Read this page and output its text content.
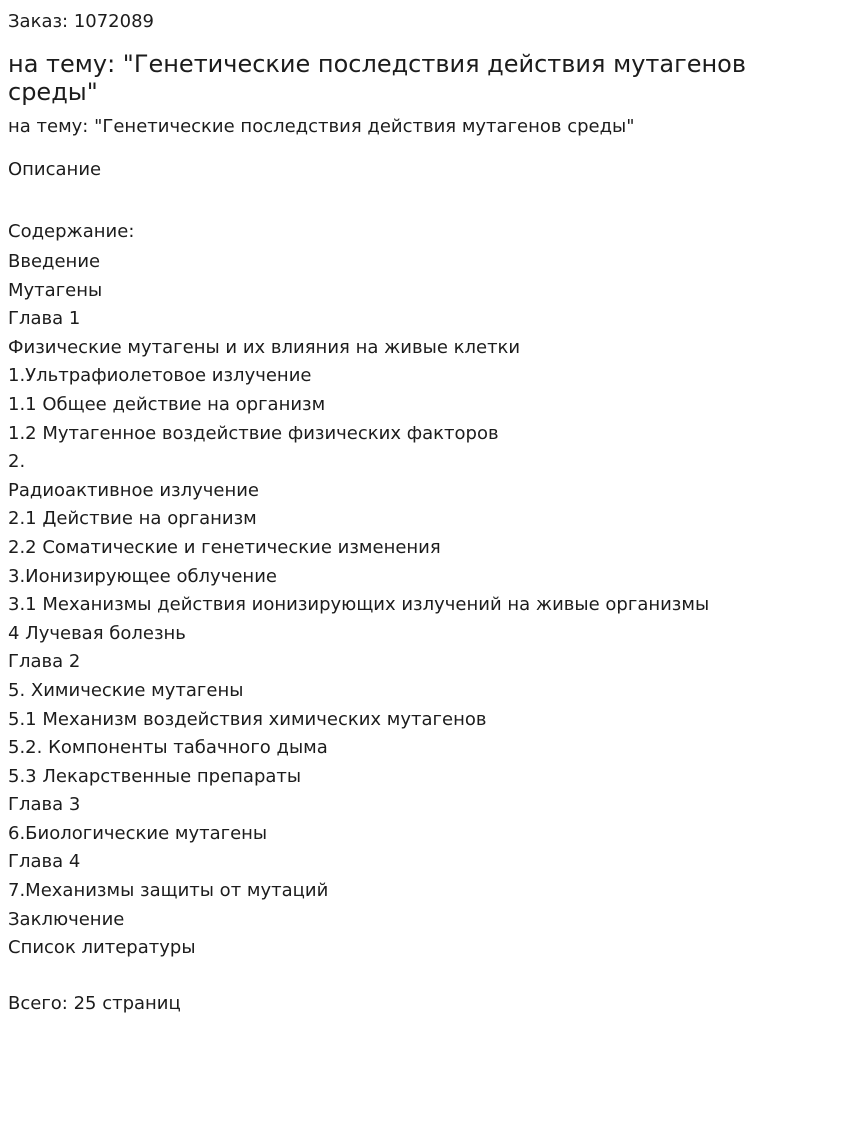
Заказ: 1072089

на тему: "Генетические последствия действия мутагенов среды"

на тему: "Генетические последствия действия мутагенов среды"

Описание

Содержание:

Введение
Мутагены
Глава 1
Физические мутагены и их влияния на живые клетки
1.Ультрафиолетовое излучение
1.1 Общее действие на организм
1.2 Мутагенное воздействие физических факторов
2.
Радиоактивное излучение
2.1 Действие на организм
2.2 Соматические и генетические изменения
3.Ионизирующее облучение
3.1 Механизмы действия ионизирующих излучений на живые организмы
4 Лучевая болезнь
Глава 2
5. Химические мутагены
5.1 Механизм воздействия химических мутагенов
5.2. Компоненты табачного дыма
5.3 Лекарственные препараты
Глава 3
6.Биологические мутагены
Глава 4
7.Механизмы защиты от мутаций
Заключение
Список литературы

Всего: 25 страниц
